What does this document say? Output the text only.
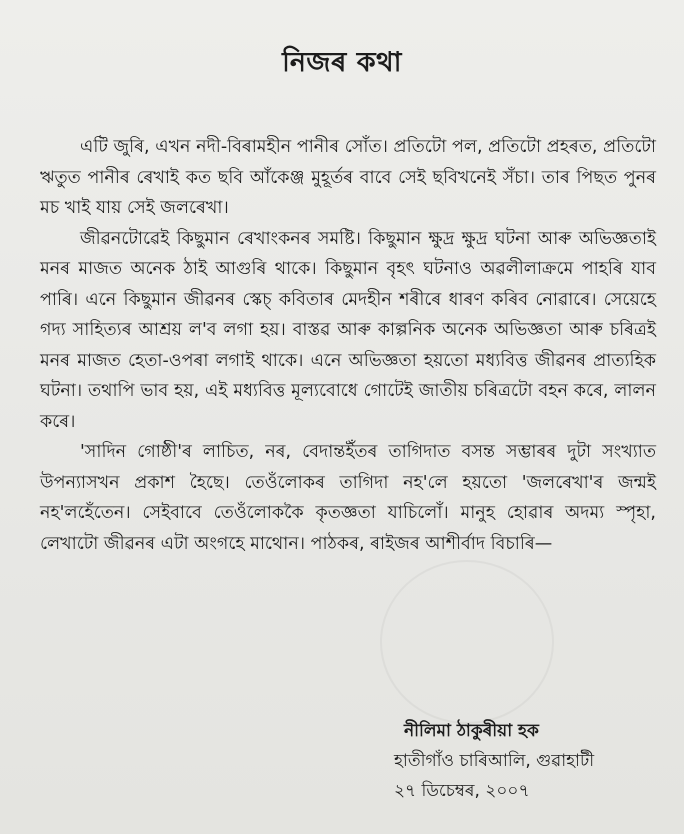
নিজৰ কথা

এটি জুৰি, এখন নদী-বিৰামহীন পানীৰ সোঁত। প্ৰতিটো পল, প্ৰতিটো প্ৰহৰত, প্ৰতিটো ঋতুত পানীৰ ৰেখাই কত ছবি আঁকেঞ্জ মুহূৰ্তৰ বাবে সেই ছবিখনেই সঁচা। তাৰ পিছত পুনৰ মচ খাই যায় সেই জলৰেখা।

জীৱনটোৱেই কিছুমান ৰেখাংকনৰ সমষ্টি। কিছুমান ক্ষুদ্ৰ ক্ষুদ্ৰ ঘটনা আৰু অভিজ্ঞতাই মনৰ মাজত অনেক ঠাই আগুৰি থাকে। কিছুমান বৃহৎ ঘটনাও অৱলীলাক্ৰমে পাহৰি যাব পাৰি। এনে কিছুমান জীৱনৰ স্কেচ্‌ কবিতাৰ মেদহীন শৰীৰে ধাৰণ কৰিব নোৱাৰে। সেয়েহে গদ্য সাহিত্যৰ আশ্ৰয় ল'ব লগা হয়। বাস্তৱ আৰু কাল্পনিক অনেক অভিজ্ঞতা আৰু চৰিত্ৰই মনৰ মাজত হেতা-ওপৰা লগাই থাকে। এনে অভিজ্ঞতা হয়তো মধ্যবিত্ত জীৱনৰ প্ৰাত্যহিক ঘটনা। তথাপি ভাব হয়, এই মধ্যবিত্ত মূল্যবোধে গোটেই জাতীয় চৰিত্ৰটো বহন কৰে, লালন কৰে।

'সাদিন গোষ্ঠী'ৰ লাচিত, নৰ, বেদান্তইঁতৰ তাগিদাত বসন্ত সম্ভাৰৰ দুটা সংখ্যাত উপন্যাসখন প্ৰকাশ হৈছে। তেওঁলোকৰ তাগিদা নহ'লে হয়তো 'জলৰেখা'ৰ জন্মই নহ'লহেঁতেন। সেইবাবে তেওঁলোককৈ কৃতজ্ঞতা যাচিলোঁ। মানুহ হোৱাৰ অদম্য স্পৃহা, লেখাটো জীৱনৰ এটা অংগহে মাথোন। পাঠকৰ, ৰাইজৰ আশীৰ্বাদ বিচাৰি—

নীলিমা ঠাকুৰীয়া হক
হাতীগাঁও চাৰিআলি, গুৱাহাটী
২৭ ডিচেম্বৰ, ২০০৭
